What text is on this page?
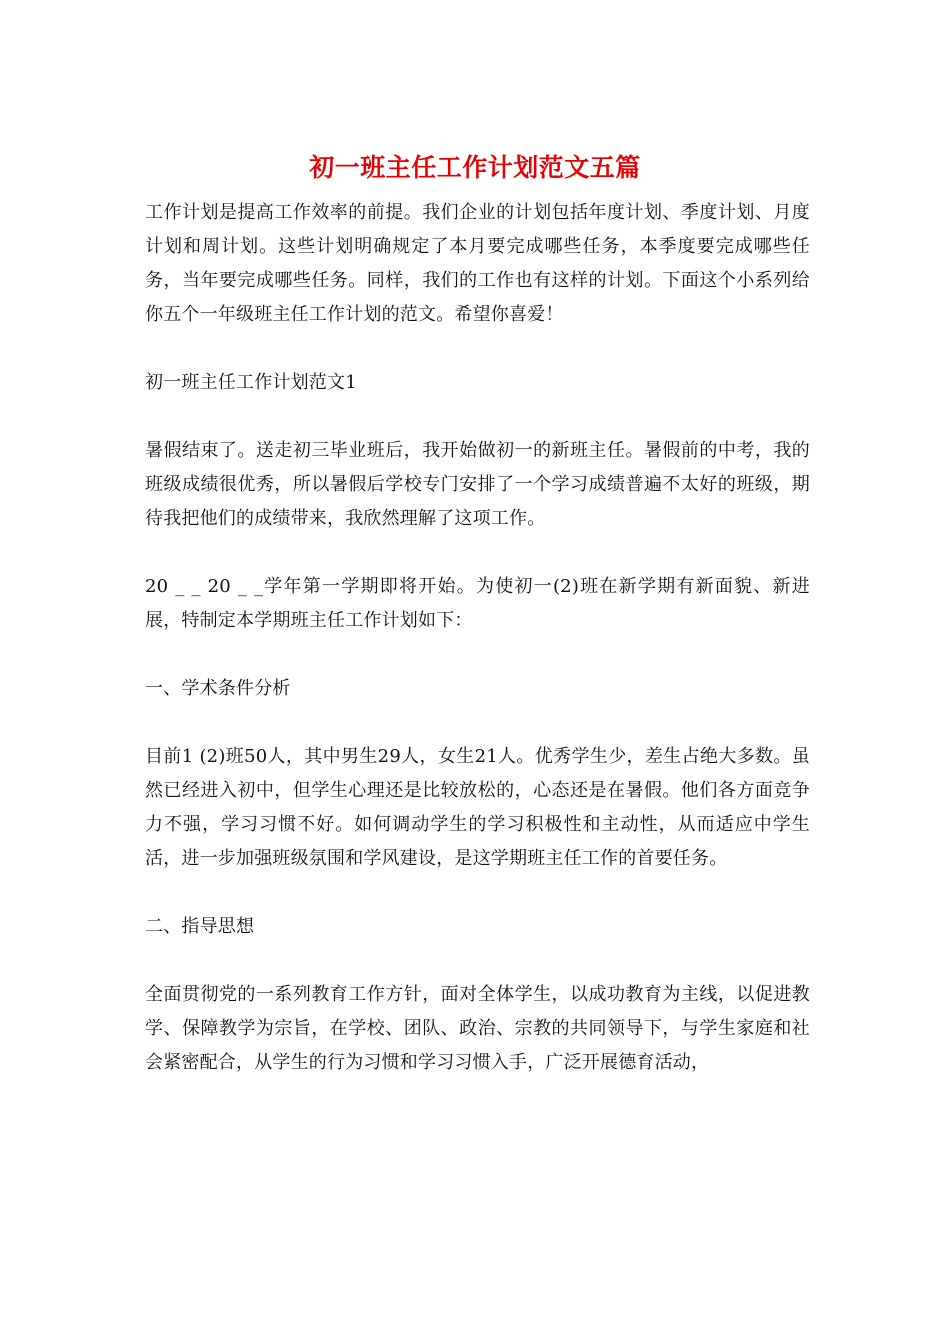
初一班主任工作计划范文五篇

工作计划是提高工作效率的前提。我们企业的计划包括年度计划、季度计划、月度计划和周计划。这些计划明确规定了本月要完成哪些任务，本季度要完成哪些任务，当年要完成哪些任务。同样，我们的工作也有这样的计划。下面这个小系列给你五个一年级班主任工作计划的范文。希望你喜爱！

初一班主任工作计划范文1

暑假结束了。送走初三毕业班后，我开始做初一的新班主任。暑假前的中考，我的班级成绩很优秀，所以暑假后学校专门安排了一个学习成绩普遍不太好的班级，期待我把他们的成绩带来，我欣然理解了这项工作。

20 _ _ 20 _ _学年第一学期即将开始。为使初一(2)班在新学期有新面貌、新进展，特制定本学期班主任工作计划如下：

一、学术条件分析

目前1 (2)班50人，其中男生29人，女生21人。优秀学生少，差生占绝大多数。虽然已经进入初中，但学生心理还是比较放松的，心态还是在暑假。他们各方面竞争力不强，学习习惯不好。如何调动学生的学习积极性和主动性，从而适应中学生活，进一步加强班级氛围和学风建设，是这学期班主任工作的首要任务。

二、指导思想

全面贯彻党的一系列教育工作方针，面对全体学生，以成功教育为主线，以促进教学、保障教学为宗旨，在学校、团队、政治、宗教的共同领导下，与学生家庭和社会紧密配合，从学生的行为习惯和学习习惯入手，广泛开展德育活动，
